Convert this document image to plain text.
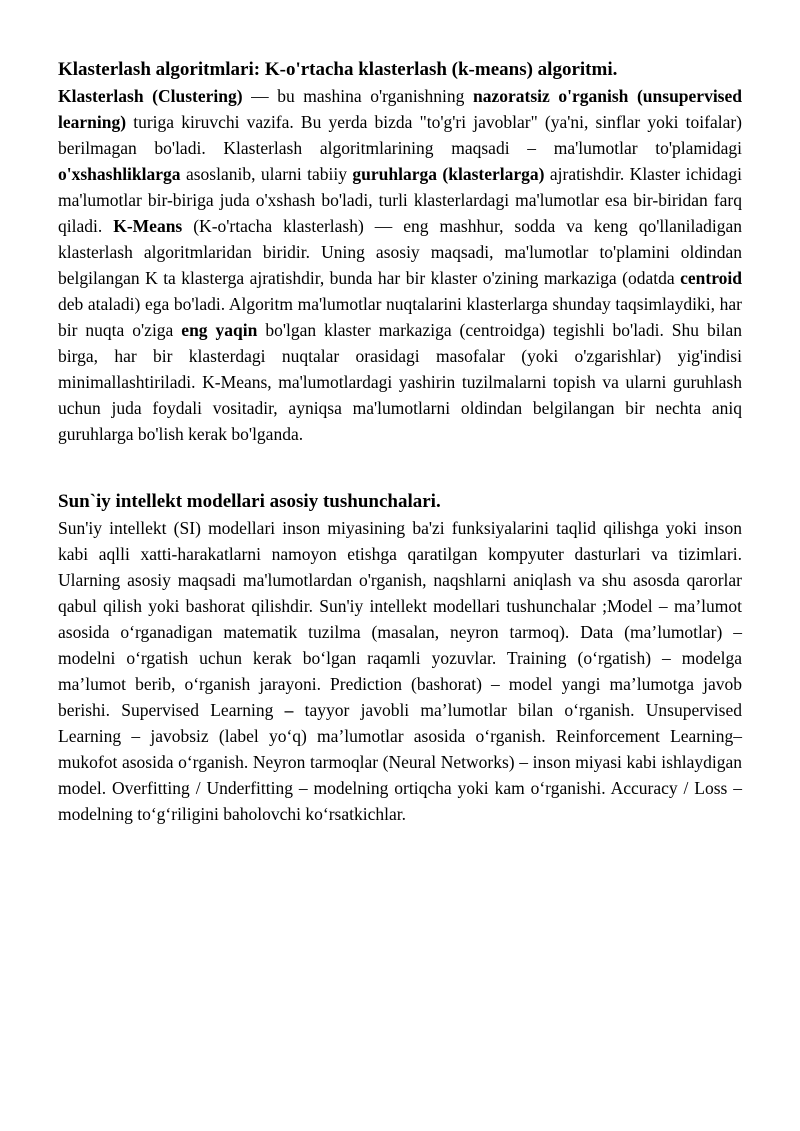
Klasterlash algoritmlari: K-o'rtacha klasterlash (k-means) algoritmi.

Klasterlash (Clustering) — bu mashina o'rganishning nazoratsiz o'rganish (unsupervised learning) turiga kiruvchi vazifa. Bu yerda bizda "to'g'ri javoblar" (ya'ni, sinflar yoki toifalar) berilmagan bo'ladi. Klasterlash algoritmlarining maqsadi – ma'lumotlar to'plamidagi o'xshashliklarga asoslanib, ularni tabiiy guruhlarga (klasterlarga) ajratishdir. Klaster ichidagi ma'lumotlar bir-biriga juda o'xshash bo'ladi, turli klasterlardagi ma'lumotlar esa bir-biridan farq qiladi. K-Means (K-o'rtacha klasterlash) — eng mashhur, sodda va keng qo'llaniladigan klasterlash algoritmlaridan biridir. Uning asosiy maqsadi, ma'lumotlar to'plamini oldindan belgilangan K ta klasterga ajratishdir, bunda har bir klaster o'zining markaziga (odatda centroid deb ataladi) ega bo'ladi. Algoritm ma'lumotlar nuqtalarini klasterlarga shunday taqsimlaydiki, har bir nuqta o'ziga eng yaqin bo'lgan klaster markaziga (centroidga) tegishli bo'ladi. Shu bilan birga, har bir klasterdagi nuqtalar orasidagi masofalar (yoki o'zgarishlar) yig'indisi minimallashtiriladi. K-Means, ma'lumotlardagi yashirin tuzilmalarni topish va ularni guruhlash uchun juda foydali vositadir, ayniqsa ma'lumotlarni oldindan belgilangan bir nechta aniq guruhlarga bo'lish kerak bo'lganda.

Sun`iy intellekt modellari asosiy tushunchalari.

Sun'iy intellekt (SI) modellari inson miyasining ba'zi funksiyalarini taqlid qilishga yoki inson kabi aqlli xatti-harakatlarni namoyon etishga qaratilgan kompyuter dasturlari va tizimlari. Ularning asosiy maqsadi ma'lumotlardan o'rganish, naqshlarni aniqlash va shu asosda qarorlar qabul qilish yoki bashorat qilishdir. Sun'iy intellekt modellari tushunchalar ;Model – ma’lumot asosida o‘rganadigan matematik tuzilma (masalan, neyron tarmoq). Data (ma’lumotlar) – modelni o‘rgatish uchun kerak bo‘lgan raqamli yozuvlar. Training (o‘rgatish) – modelga ma’lumot berib, o‘rganish jarayoni. Prediction (bashorat) – model yangi ma’lumotga javob berishi. Supervised Learning – tayyor javobli ma’lumotlar bilan o‘rganish. Unsupervised Learning – javobsiz (label yo‘q) ma’lumotlar asosida o‘rganish. Reinforcement Learning– mukofot asosida o‘rganish. Neyron tarmoqlar (Neural Networks) – inson miyasi kabi ishlaydigan model. Overfitting / Underfitting – modelning ortiqcha yoki kam o‘rganishi. Accuracy / Loss – modelning to‘g‘riligini baholovchi ko‘rsatkichlar.
